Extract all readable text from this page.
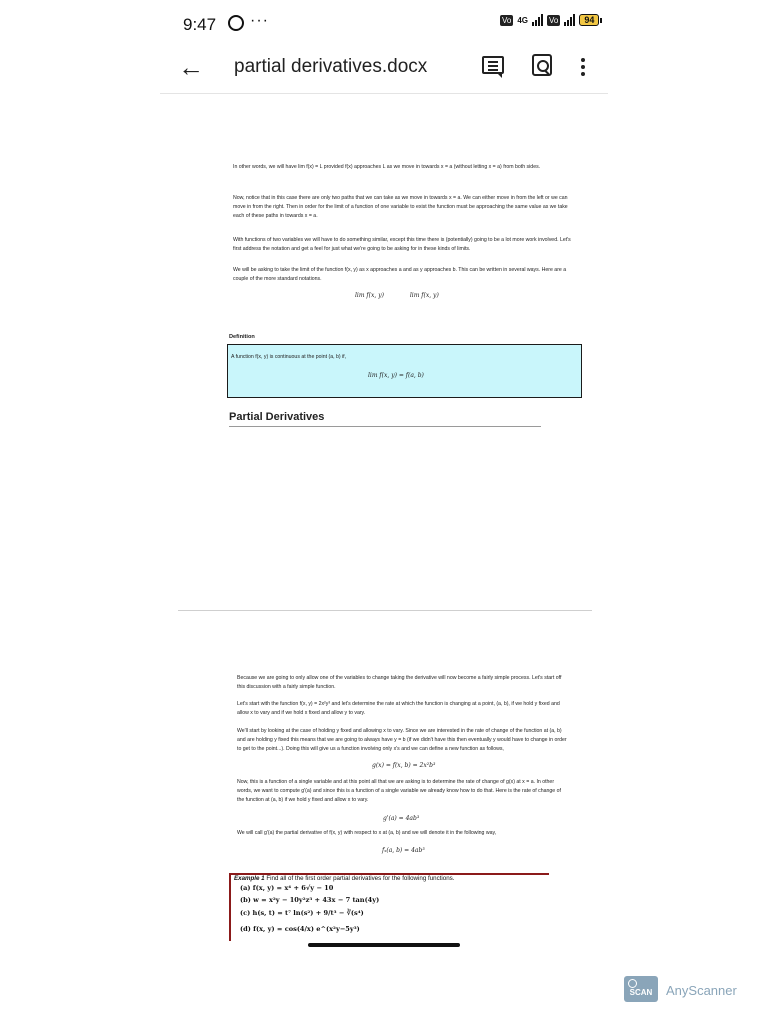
9:47 ···	Vo 4G	Vo	94
← partial derivatives.docx
In other words, we will have lim f(x) = L provided f(x) approaches L as we move in towards x = a (without letting x = a) from both sides.
Now, notice that in this case there are only two paths that we can take as we move in towards x = a. We can either move in from the left or we can move in from the right. Then in order for the limit of a function of one variable to exist the function must be approaching the same value as we take each of these paths in towards x = a.
With functions of two variables we will have to do something similar, except this time there is (potentially) going to be a lot more work involved. Let's first address the notation and get a feel for just what we're going to be asking for in these kinds of limits.
We will be asking to take the limit of the function f(x, y) as x approaches a and as y approaches b. This can be written in several ways. Here are a couple of the more standard notations.
lim f(x, y)	lim f(x, y)
Definition
A function f(x, y) is continuous at the point (a, b) if,
lim f(x, y) = f(a, b)
Partial Derivatives
Because we are going to only allow one of the variables to change taking the derivative will now become a fairly simple process. Let's start off this discussion with a fairly simple function.
Let's start with the function f(x, y) = 2x²y³ and let's determine the rate at which the function is changing at a point, (a, b), if we hold y fixed and allow x to vary and if we hold x fixed and allow y to vary.
We'll start by looking at the case of holding y fixed and allowing x to vary. Since we are interested in the rate of change of the function at (a, b) and are holding y fixed this means that we are going to always have y = b (if we didn't have this then eventually y would have to change in order to get to the point...). Doing this will give us a function involving only x's and we can define a new function as follows,
g(x) = f(x, b) = 2x²b³
Now, this is a function of a single variable and at this point all that we are asking is to determine the rate of change of g(x) at x = a. In other words, we want to compute g'(a) and since this is a function of a single variable we already know how to do that. Here is the rate of change of the function at (a, b) if we hold y fixed and allow x to vary.
g'(a) = 4ab³
We will call g'(a) the partial derivative of f(x, y) with respect to x at (a, b) and we will denote it in the following way,
fₓ(a, b) = 4ab³
Example 1 Find all of the first order partial derivatives for the following functions.
(a) f(x, y) = x⁴ + 6√y − 10
(b) w = x²y − 10y²z³ + 43x − 7 tan(4y)
(c) h(s, t) = t⁷ ln(s²) + 9/t³ − ∛(s⁴)
(d) f(x, y) = cos(4/x) e^(x²y−5y³)
SCAN	AnyScanner
